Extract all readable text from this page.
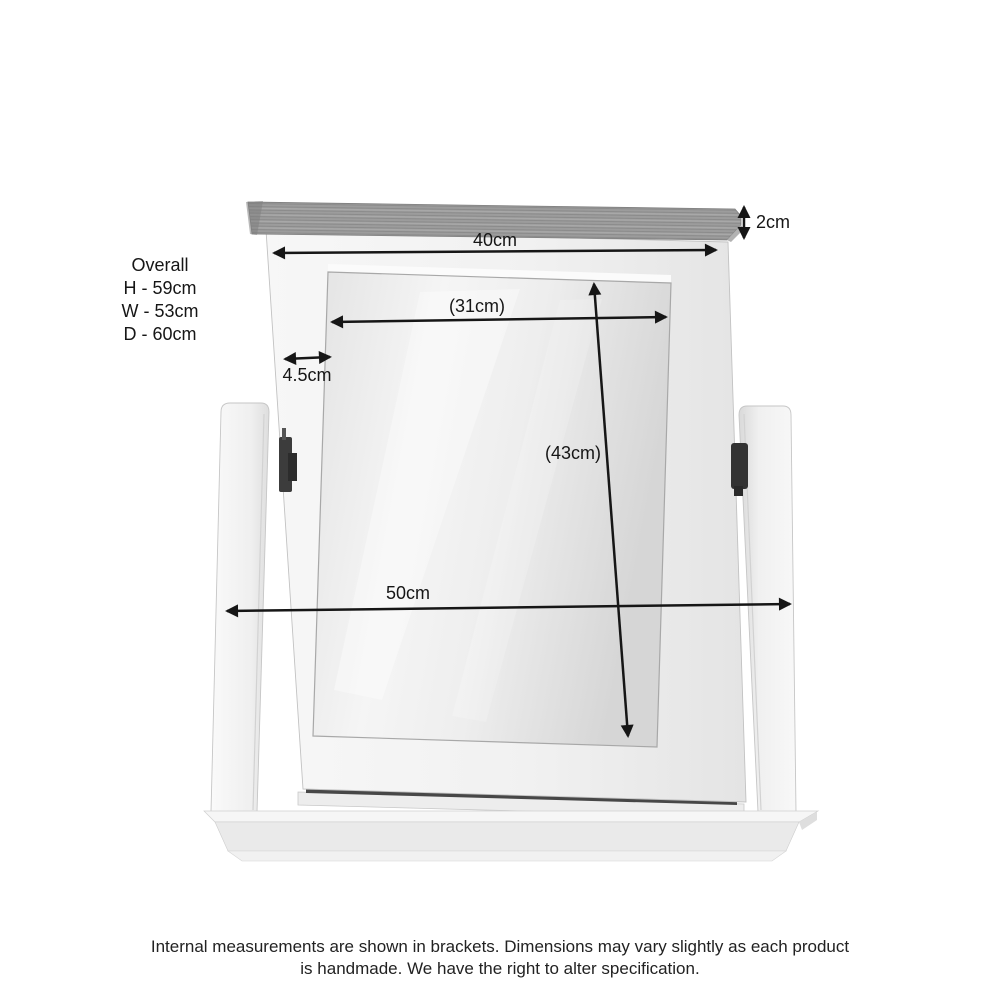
2cm
40cm
(31cm)
4.5cm
(43cm)
50cm
Overall
H - 59cm
W - 53cm
D - 60cm
Internal measurements are shown in brackets. Dimensions may vary slightly as each product is handmade. We have the right to alter specification.
